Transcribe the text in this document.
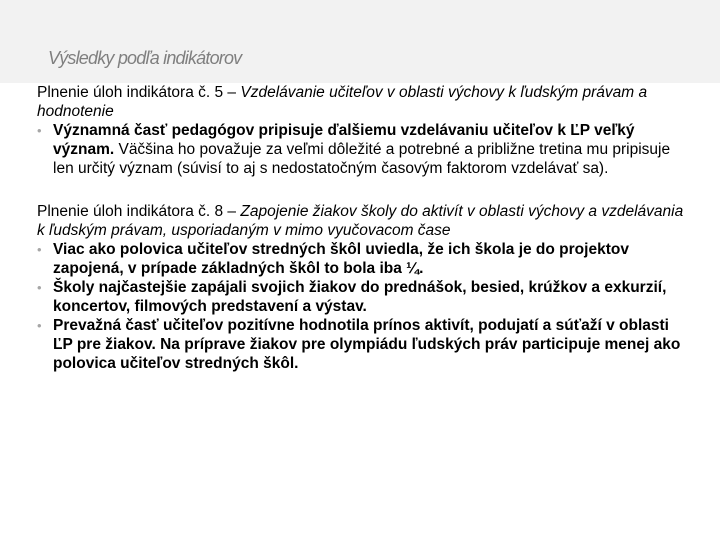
Výsledky podľa indikátorov

Plnenie úloh indikátora č. 5 – Vzdelávanie učiteľov v oblasti výchovy k ľudským právam a hodnotenie

• Významná časť pedagógov pripisuje ďalšiemu vzdelávaniu učiteľov k ĽP veľký význam. Väčšina ho považuje za veľmi dôležité a potrebné a približne tretina mu pripisuje len určitý význam (súvisí to aj s nedostatočným časovým faktorom vzdelávať sa).

Plnenie úloh indikátora č. 8 – Zapojenie žiakov školy do aktivít v oblasti výchovy a vzdelávania k ľudským právam, usporiadaným v mimo vyučovacom čase

• Viac ako polovica učiteľov stredných škôl uviedla, že ich škola je do projektov zapojená, v prípade základných škôl to bola iba ¼.
• Školy najčastejšie zapájali svojich žiakov do prednášok, besied, krúžkov a exkurzií, koncertov, filmových predstavení a výstav.
• Prevažná časť učiteľov pozitívne hodnotila prínos aktivít, podujatí a súťaží v oblasti ĽP pre žiakov. Na príprave žiakov pre olympiádu ľudských práv participuje menej ako polovica učiteľov stredných škôl.
